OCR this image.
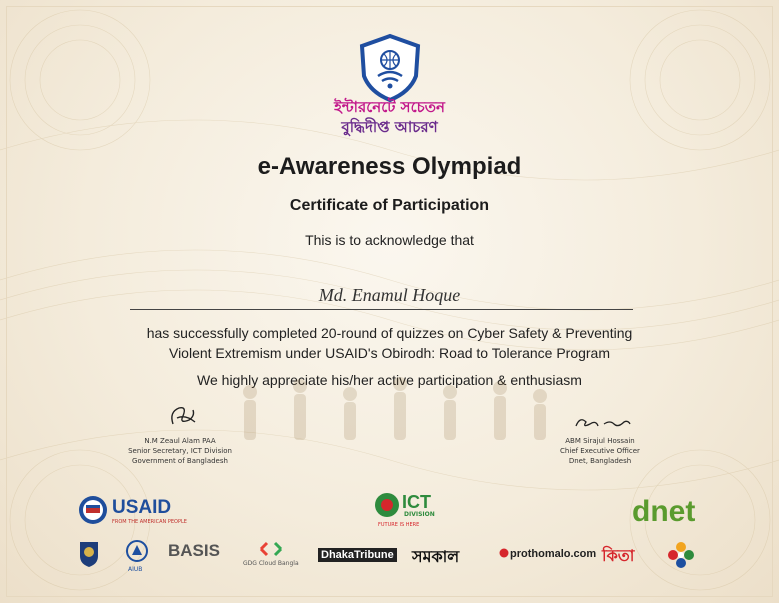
ইন্টারনেটে সচেতন
বুদ্ধিদীপ্ত আচরণ
e-Awareness Olympiad
Certificate of Participation
This is to acknowledge that
Md. Enamul Hoque
has successfully completed 20-round of quizzes on Cyber Safety & Preventing
Violent Extremism under USAID's Obirodh: Road to Tolerance Program
We highly appreciate his/her active participation & enthusiasm
N.M Zeaul Alam PAA
Senior Secretary, ICT Division
Government of Bangladesh
ABM Sirajul Hossain
Chief Executive Officer
Dnet, Bangladesh
USAID
FROM THE AMERICAN PEOPLE
ICT
DIVISION
FUTURE IS HERE	dnet
AIUB
BASIS
GDG Cloud Bangla
DhakaTribune সমকাল	prothomalo.com কিতা
